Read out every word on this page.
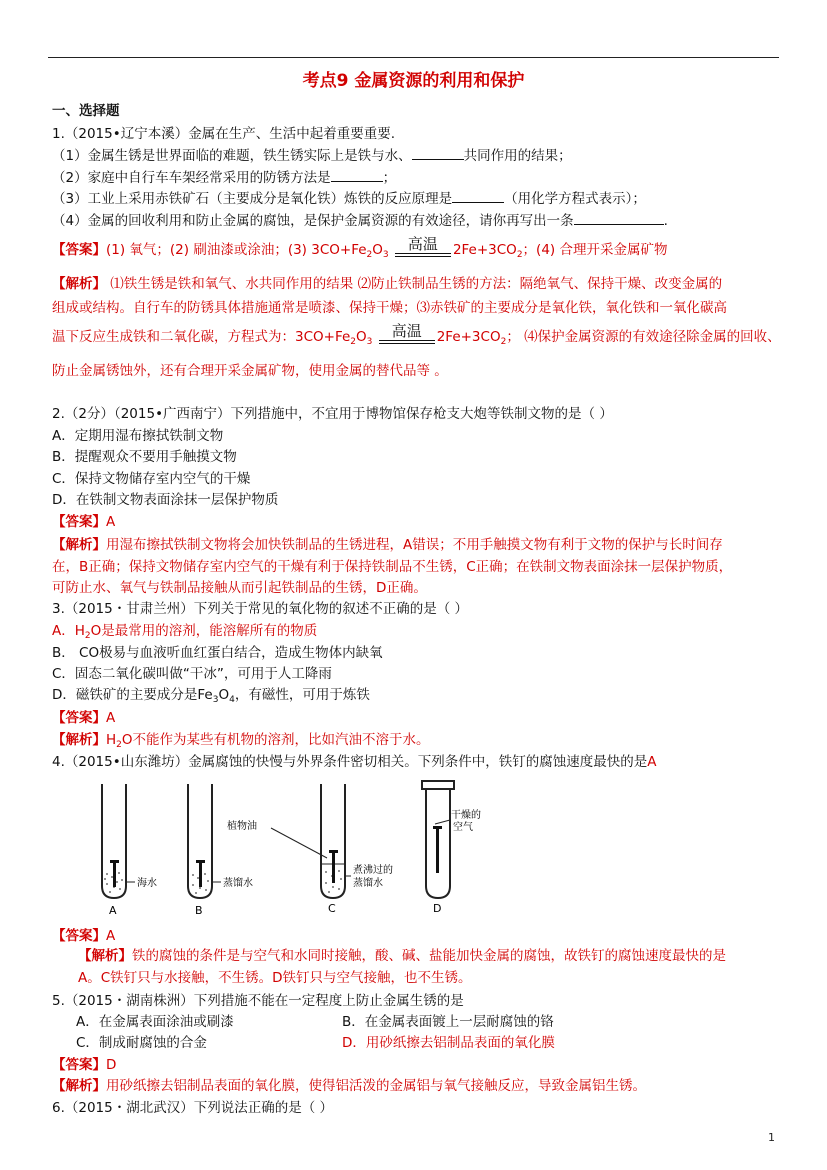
考点9 金属资源的利用和保护
一、选择题
1.（2015•辽宁本溪）金属在生产、生活中起着重要重要.
（1）金属生锈是世界面临的难题，铁生锈实际上是铁与水、	共同作用的结果；
（2）家庭中自行车车架经常采用的防锈方法是	；
（3）工业上采用赤铁矿石（主要成分是氧化铁）炼铁的反应原理是	（用化学方程式表示）；
（4）金属的回收利用和防止金属的腐蚀，是保护金属资源的有效途径，请你再写出一条	.
【答案】(1) 氧气；(2) 刷油漆或涂油；(3) $3CO+Fe_2O_3$
高温	$2Fe+3CO_2$；(4) 合理开采金属矿物
【解析】 ⑴铁生锈是铁和氧气、水共同作用的结果 ⑵防止铁制品生锈的方法：隔绝氧气、保持干燥、改变金属的
组成或结构。自行车的防锈具体措施通常是喷漆、保持干燥；⑶赤铁矿的主要成分是氧化铁，氧化铁和一氧化碳高
温下反应生成铁和二氧化碳，方程式为：$3CO+Fe_2O_3$
高温	$2Fe+3CO_2$； ⑷保护金属资源的有效途径除金属的回收、
防止金属锈蚀外，还有合理开采金属矿物，使用金属的替代品等 。
2.（2分）（2015•广西南宁）下列措施中，不宜用于博物馆保存枪支大炮等铁制文物的是（ ）
A．定期用湿布擦拭铁制文物
B．提醒观众不要用手触摸文物
C．保持文物储存室内空气的干燥
D．在铁制文物表面涂抹一层保护物质
【答案】A
【解析】用湿布擦拭铁制文物将会加快铁制品的生锈进程，A错误；不用手触摸文物有利于文物的保护与长时间存
在，B正确；保持文物储存室内空气的干燥有利于保持铁制品不生锈，C正确；在铁制文物表面涂抹一层保护物质，
可防止水、氧气与铁制品接触从而引起铁制品的生锈，D正确。
3.（2015・甘肃兰州）下列关于常见的氧化物的叙述不正确的是（ ）
A．$H_2O$是最常用的溶剂，能溶解所有的物质
B． CO极易与血液听血红蛋白结合，造成生物体内缺氧
C．固态二氧化碳叫做“干冰”，可用于人工降雨
D．磁铁矿的主要成分是$Fe_3O_4$，有磁性，可用于炼铁
【答案】A
【解析】$H_2O$不能作为某些有机物的溶剂，比如汽油不溶于水。
4.（2015•山东潍坊）金属腐蚀的快慢与外界条件密切相关。下列条件中，铁钉的腐蚀速度最快的是A
海水	蒸馏水
植物油
煮沸过的
蒸馏水
干燥的
空气
A	B	C	D
【答案】A
【解析】铁的腐蚀的条件是与空气和水同时接触，酸、碱、盐能加快金属的腐蚀，故铁钉的腐蚀速度最快的是
A。C铁钉只与水接触，不生锈。D铁钉只与空气接触，也不生锈。
5.（2015・湖南株洲）下列措施不能在一定程度上防止金属生锈的是
A．在金属表面涂油或刷漆	B．在金属表面镀上一层耐腐蚀的铬
C．制成耐腐蚀的合金	D．用砂纸擦去铝制品表面的氧化膜
【答案】D
【解析】用砂纸擦去铝制品表面的氧化膜，使得铝活泼的金属铝与氧气接触反应，导致金属铝生锈。
6.（2015・湖北武汉）下列说法正确的是（ ）
1
